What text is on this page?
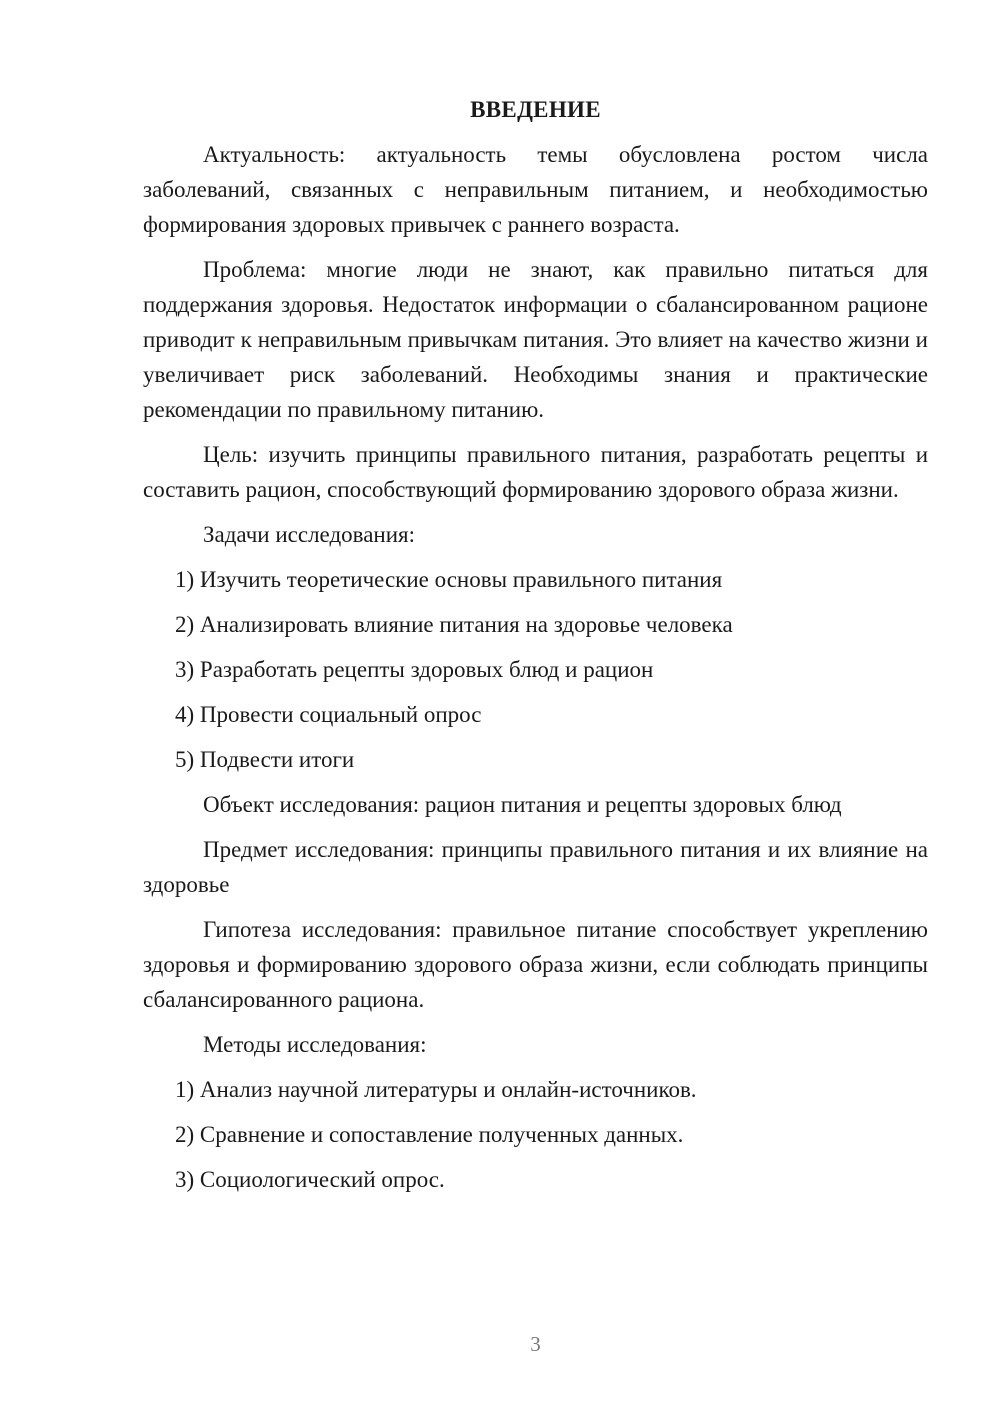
ВВЕДЕНИЕ

Актуальность: актуальность темы обусловлена ростом числа заболеваний, связанных с неправильным питанием, и необходимостью формирования здоровых привычек с раннего возраста.

Проблема: многие люди не знают, как правильно питаться для поддержания здоровья. Недостаток информации о сбалансированном рационе приводит к неправильным привычкам питания. Это влияет на качество жизни и увеличивает риск заболеваний. Необходимы знания и практические рекомендации по правильному питанию.

Цель: изучить принципы правильного питания, разработать рецепты и составить рацион, способствующий формированию здорового образа жизни.

Задачи исследования:

1) Изучить теоретические основы правильного питания
2) Анализировать влияние питания на здоровье человека
3) Разработать рецепты здоровых блюд и рацион
4) Провести социальный опрос
5) Подвести итоги

Объект исследования: рацион питания и рецепты здоровых блюд

Предмет исследования: принципы правильного питания и их влияние на здоровье

Гипотеза исследования: правильное питание способствует укреплению здоровья и формированию здорового образа жизни, если соблюдать принципы сбалансированного рациона.

Методы исследования:

1) Анализ научной литературы и онлайн-источников.
2) Сравнение и сопоставление полученных данных.
3) Социологический опрос.
3
